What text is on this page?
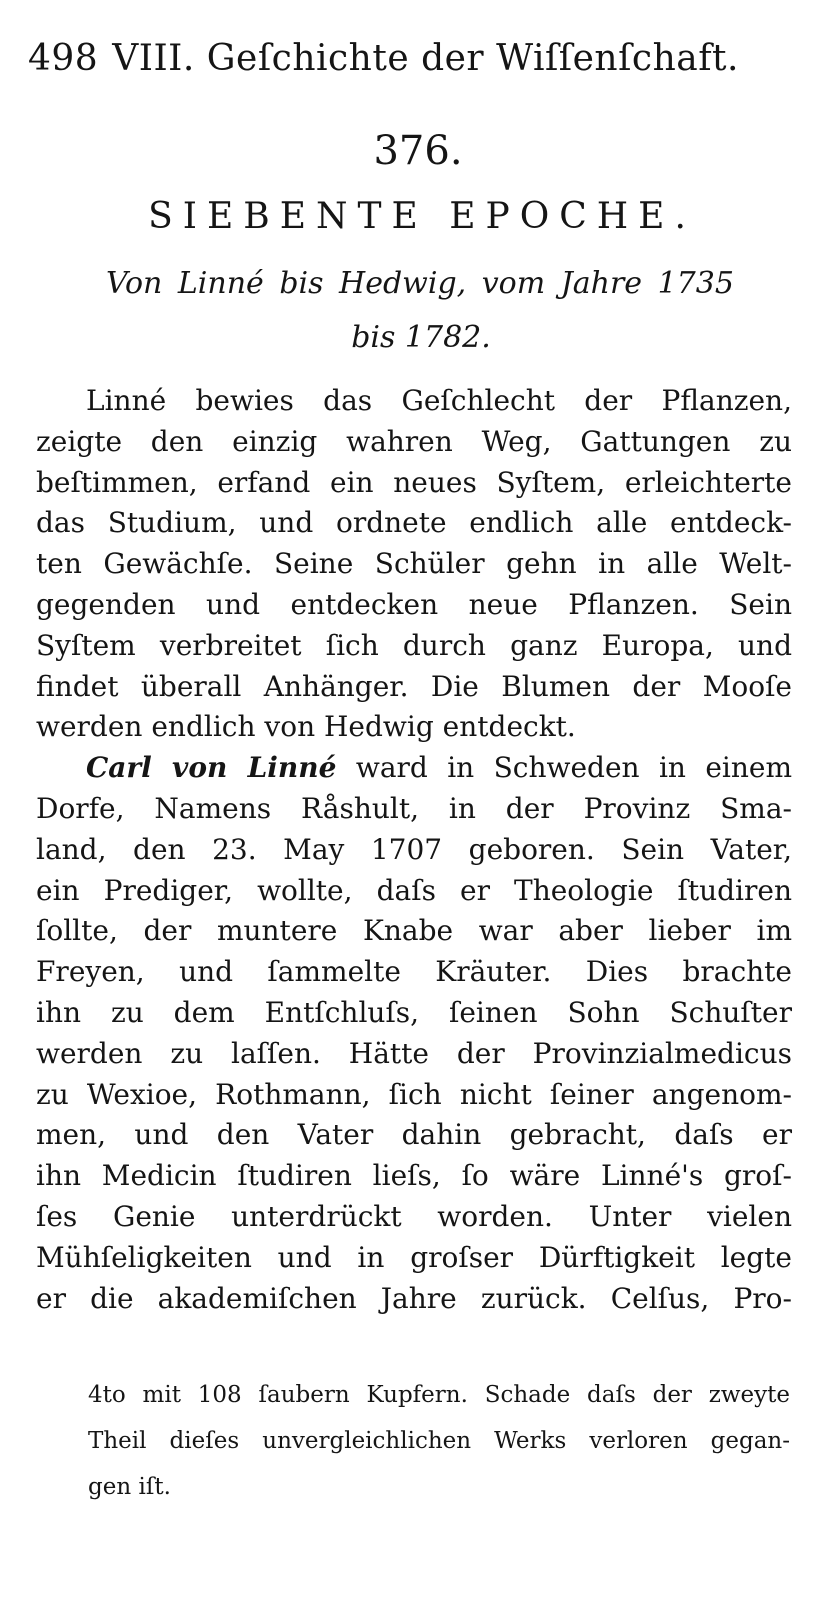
498 VIII. Geſchichte der Wiſſenſchaft.
376.
SIEBENTE EPOCHE.
Von Linné bis Hedwig, vom Jahre 1735
bis 1782.
Linné bewies das Geſchlecht der Pflanzen,
zeigte den einzig wahren Weg, Gattungen zu
beſtimmen, erfand ein neues Syſtem, erleichterte
das Studium, und ordnete endlich alle entdeck-
ten Gewächſe. Seine Schüler gehn in alle Welt-
gegenden und entdecken neue Pflanzen. Sein
Syſtem verbreitet ſich durch ganz Europa, und
findet überall Anhänger. Die Blumen der Mooſe
werden endlich von Hedwig entdeckt.
Carl von Linné ward in Schweden in einem
Dorfe, Namens Råshult, in der Provinz Sma-
land, den 23. May 1707 geboren. Sein Vater,
ein Prediger, wollte, daſs er Theologie ſtudiren
ſollte, der muntere Knabe war aber lieber im
Freyen, und ſammelte Kräuter. Dies brachte
ihn zu dem Entſchluſs, ſeinen Sohn Schuſter
werden zu laſſen. Hätte der Provinzialmedicus
zu Wexioe, Rothmann, ſich nicht ſeiner angenom-
men, und den Vater dahin gebracht, daſs er
ihn Medicin ſtudiren lieſs, ſo wäre Linné's groſ-
ſes Genie unterdrückt worden. Unter vielen
Mühſeligkeiten und in groſser Dürftigkeit legte
er die akademiſchen Jahre zurück. Celſus, Pro-
4to mit 108 ſaubern Kupfern. Schade daſs der zweyte
Theil dieſes unvergleichlichen Werks verloren gegan-
gen iſt.
